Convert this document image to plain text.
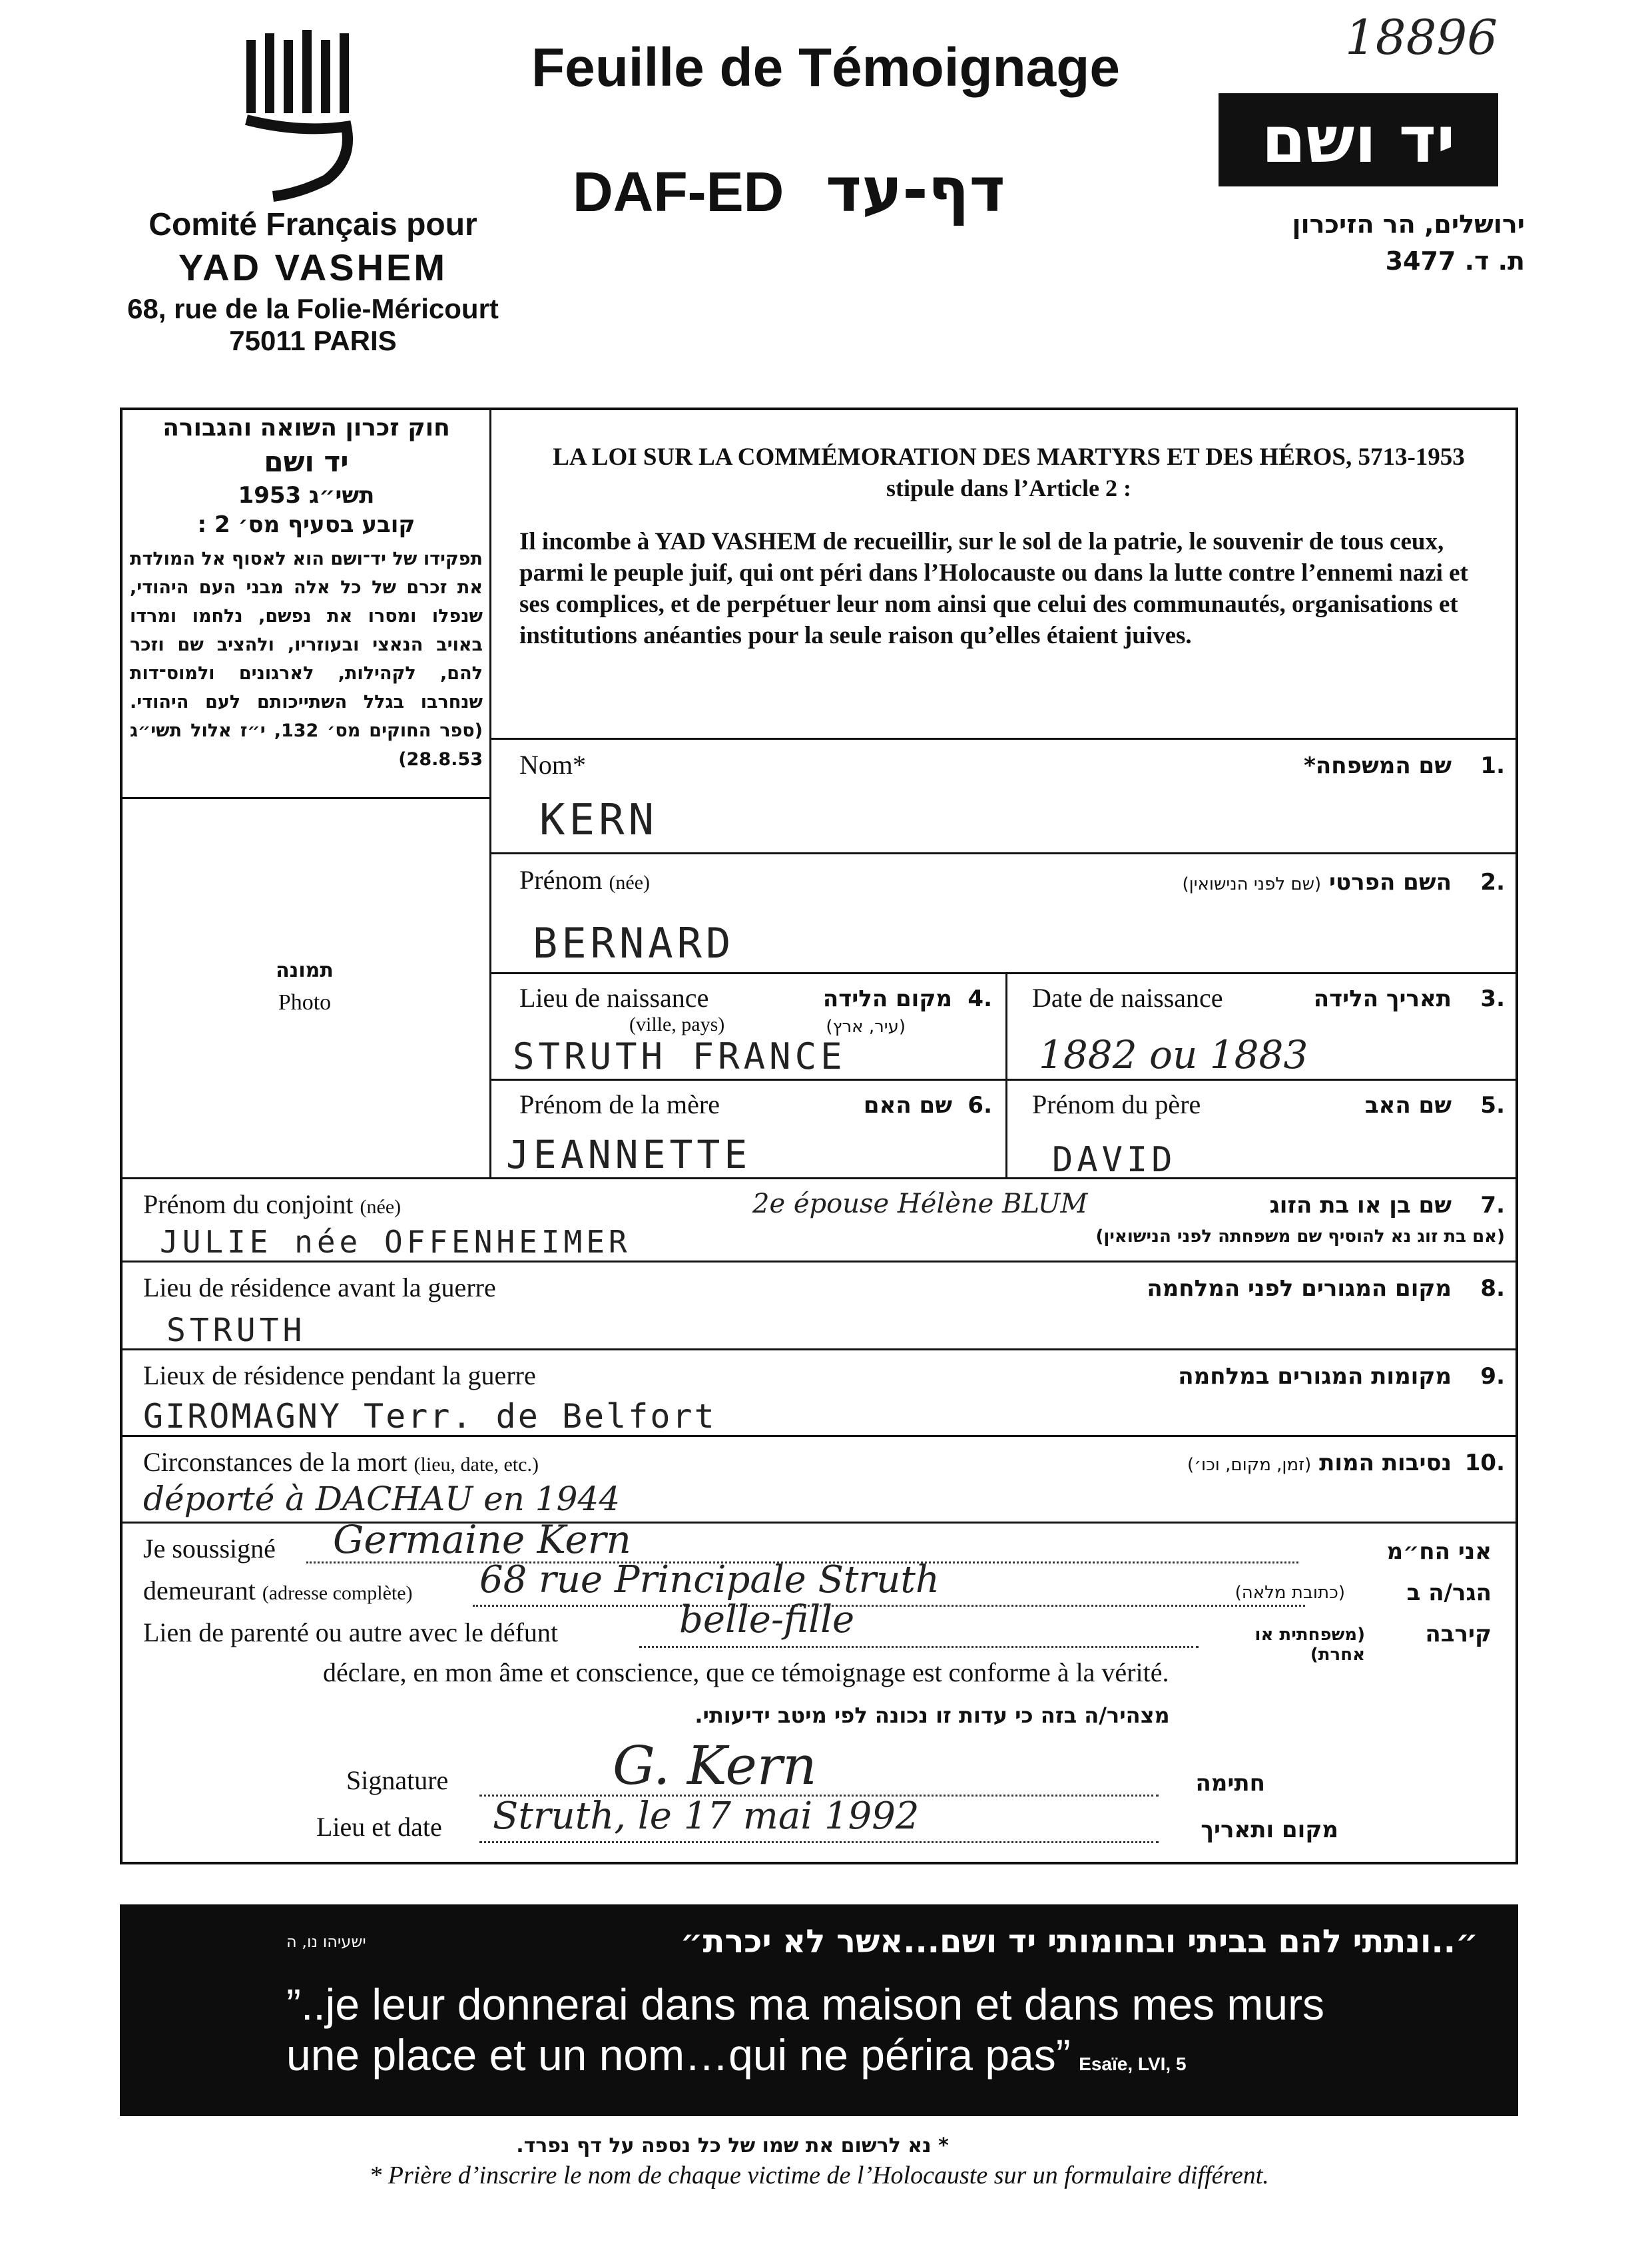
18896
Comité Français pour
YAD VASHEM
68, rue de la Folie-Méricourt
75011 PARIS
Feuille de Témoignage
DAF-ED דף-עד
יד ושם
ירושלים, הר הזיכרון
ת. ד. 3477
חוק זכרון השואה והגבורה
יד ושם
תשי״ג 1953
קובע בסעיף מס׳ 2 :
תפקידו של יד־ושם הוא לאסוף אל המולדת את זכרם של כל אלה מבני העם היהודי, שנפלו ומסרו את נפשם, נלחמו ומרדו באויב הנאצי ובעוזריו, ולהציב שם וזכר להם, לקהילות, לארגונים ולמוס־דות שנחרבו בגלל השתייכותם לעם היהודי. (ספר החוקים מס׳ 132, י״ז אלול תשי״ג 28.8.53)
LA LOI SUR LA COMMÉMORATION DES MARTYRS ET DES HÉROS, 5713-1953
stipule dans l’Article 2 :
Il incombe à YAD VASHEM de recueillir, sur le sol de la patrie, le souvenir de tous ceux, parmi le peuple juif, qui ont péri dans l’Holocauste ou dans la lutte contre l’ennemi nazi et ses complices, et de perpétuer leur nom ainsi que celui des communautés, organisations et institutions anéanties pour la seule raison qu’elles étaient juives.
תמונה
Photo
Nom*	שם המשפחה*	1.
KERN
Prénom (née)	השם הפרטי (שם לפני הנישואין)	2.
BERNARD
Lieu de naissance
(ville, pays)
מקום הלידה
(עיר, ארץ)
4.
STRUTH FRANCE
Date de naissance	תאריך הלידה	3.
1882 ou 1883
Prénom de la mère	שם האם 6.
JEANNETTE
Prénom du père	שם האב	5.
DAVID
Prénom du conjoint (née)	2e épouse Hélène BLUM	שם בן או בת הזוג	7.
(אם בת זוג נא להוסיף שם משפחתה לפני הנישואין)
JULIE née OFFENHEIMER
Lieu de résidence avant la guerre	מקום המגורים לפני המלחמה	8.
STRUTH
Lieux de résidence pendant la guerre	מקומות המגורים במלחמה	9.
GIROMAGNY Terr. de Belfort
Circonstances de la mort (lieu, date, etc.)	נסיבות המות (זמן, מקום, וכו׳)	10.
déporté à DACHAU en 1944
Je soussigné Germaine Kern	אני הח״מ
demeurant (adresse complète) 68 rue Principale Struth	(כתובת מלאה)	הגר/ה ב
Lien de parenté ou autre avec le défunt	belle-fille	(משפחתית או אחרת)
קירבה
déclare, en mon âme et conscience, que ce témoignage est conforme à la vérité.
מצהיר/ה בזה כי עדות זו נכונה לפי מיטב ידיעותי.
Signature	G. Kern	חתימה
Lieu et date Struth, le 17 mai 1992	מקום ותאריך
ישעיהו נו, ה	״..ונתתי להם בביתי ובחומותי יד ושם...אשר לא יכרת״
”..je leur donnerai dans ma maison et dans mes murs
une place et un nom…qui ne périra pas” Esaïe, LVI, 5
* נא לרשום את שמו של כל נספה על דף נפרד.
* Prière d’inscrire le nom de chaque victime de l’Holocauste sur un formulaire différent.
